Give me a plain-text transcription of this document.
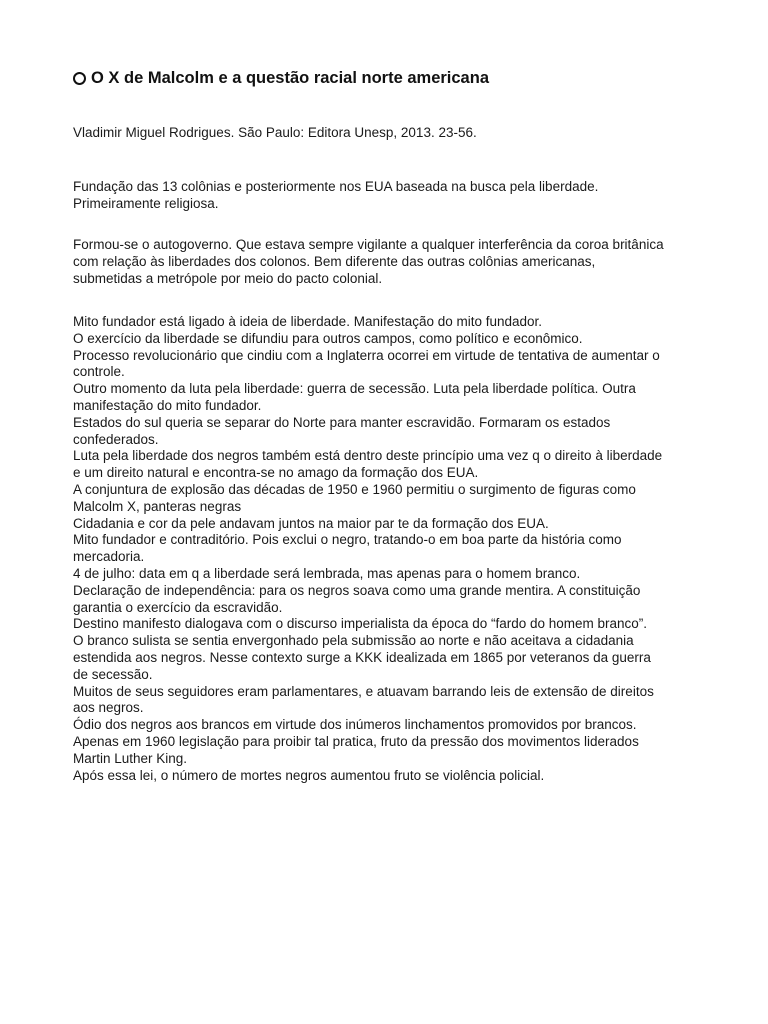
O X de Malcolm e a questão racial norte americana
Vladimir Miguel Rodrigues. São Paulo: Editora Unesp, 2013. 23-56.
Fundação das 13 colônias e posteriormente nos EUA baseada na busca pela liberdade.
Primeiramente religiosa.
Formou-se o autogoverno. Que estava sempre vigilante a qualquer interferência da coroa britânica
com relação às liberdades dos colonos. Bem diferente das outras colônias americanas,
submetidas a metrópole por meio do pacto colonial.
Mito fundador está ligado à ideia de liberdade. Manifestação do mito fundador.
O exercício da liberdade se difundiu para outros campos, como político e econômico.
Processo revolucionário que cindiu com a Inglaterra ocorrei em virtude de tentativa de aumentar o
controle.
Outro momento da luta pela liberdade: guerra de secessão. Luta pela liberdade política. Outra
manifestação do mito fundador.
Estados do sul queria se separar do Norte para manter escravidão. Formaram os estados
confederados.
Luta pela liberdade dos negros também está dentro deste princípio uma vez q o direito à liberdade
e um direito natural e encontra-se no amago da formação dos EUA.
A conjuntura de explosão das décadas de 1950 e 1960 permitiu o surgimento de figuras como
Malcolm X, panteras negras
Cidadania e cor da pele andavam juntos na maior par te da formação dos EUA.
Mito fundador e contraditório. Pois exclui o negro, tratando-o em boa parte da história como
mercadoria.
4 de julho: data em q a liberdade será lembrada, mas apenas para o homem branco.
Declaração de independência: para os negros soava como uma grande mentira. A constituição
garantia o exercício da escravidão.
Destino manifesto dialogava com o discurso imperialista da época do “fardo do homem branco”.
O branco sulista se sentia envergonhado pela submissão ao norte e não aceitava a cidadania
estendida aos negros. Nesse contexto surge a KKK idealizada em 1865 por veteranos da guerra
de secessão.
Muitos de seus seguidores eram parlamentares, e atuavam barrando leis de extensão de direitos
aos negros.
Ódio dos negros aos brancos em virtude dos inúmeros linchamentos promovidos por brancos.
Apenas em 1960 legislação para proibir tal pratica, fruto da pressão dos movimentos liderados
Martin Luther King.
Após essa lei, o número de mortes negros aumentou fruto se violência policial.
